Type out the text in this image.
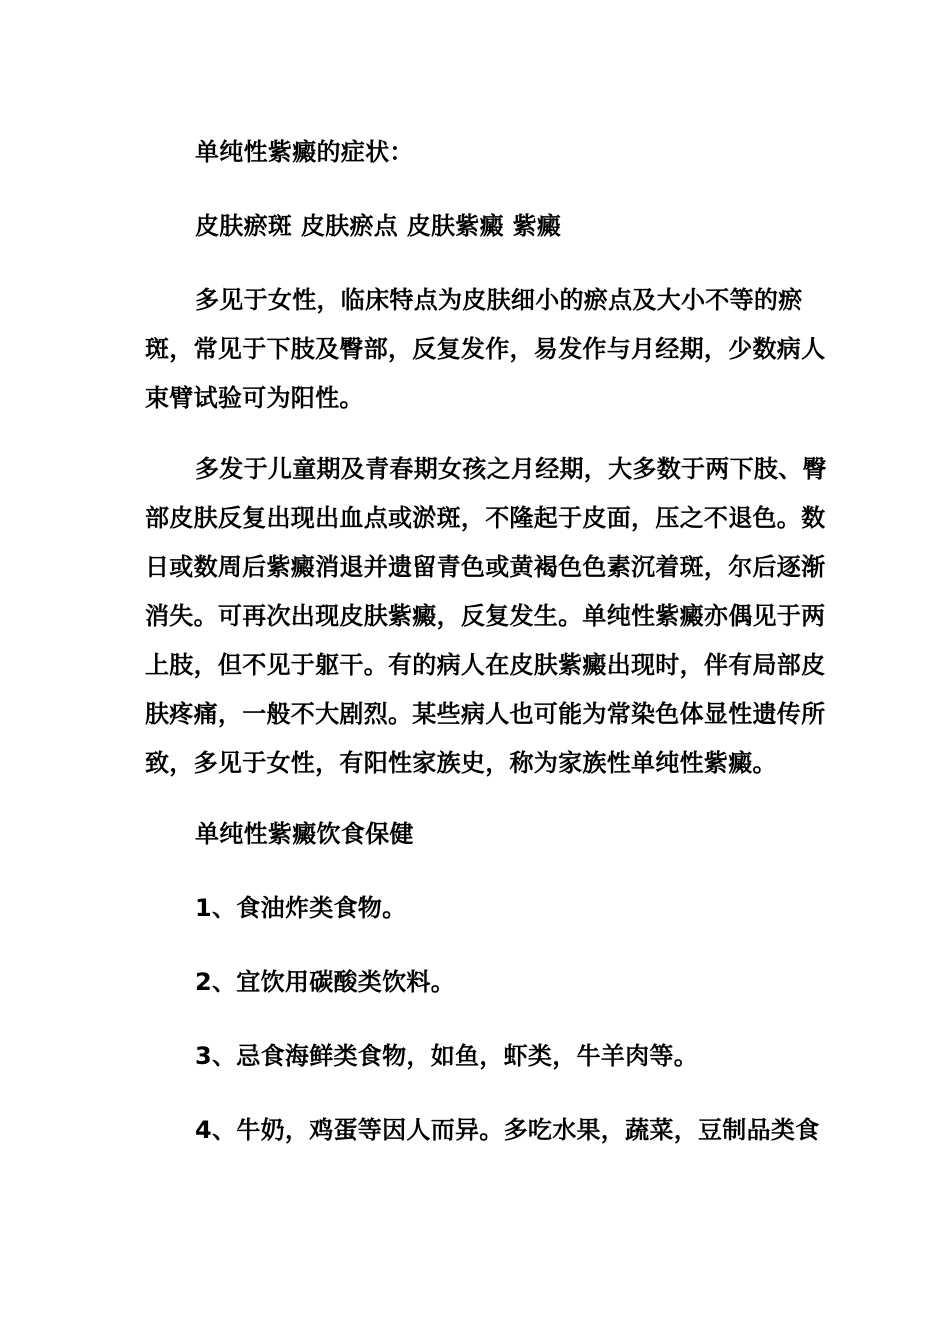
单纯性紫癜的症状：

皮肤瘀斑 皮肤瘀点 皮肤紫癜 紫癜

多见于女性，临床特点为皮肤细小的瘀点及大小不等的瘀斑，常见于下肢及臀部，反复发作，易发作与月经期，少数病人束臂试验可为阳性。

多发于儿童期及青春期女孩之月经期，大多数于两下肢、臀部皮肤反复出现出血点或淤斑，不隆起于皮面，压之不退色。数日或数周后紫癜消退并遗留青色或黄褐色色素沉着斑，尔后逐渐消失。可再次出现皮肤紫癜，反复发生。单纯性紫癜亦偶见于两上肢，但不见于躯干。有的病人在皮肤紫癜出现时，伴有局部皮肤疼痛，一般不大剧烈。某些病人也可能为常染色体显性遗传所致，多见于女性，有阳性家族史，称为家族性单纯性紫癜。

单纯性紫癜饮食保健

1、食油炸类食物。

2、宜饮用碳酸类饮料。

3、忌食海鲜类食物，如鱼，虾类，牛羊肉等。

4、牛奶，鸡蛋等因人而异。多吃水果，蔬菜，豆制品类食
